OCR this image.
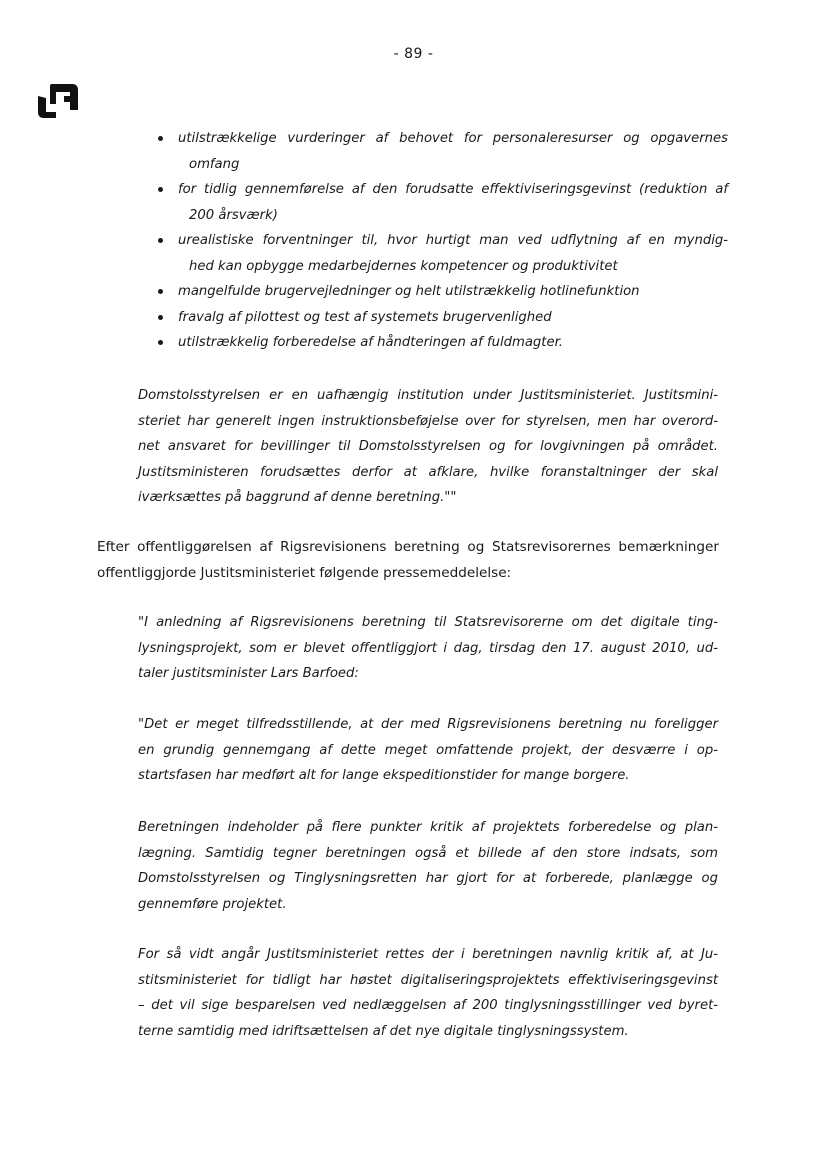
- 89 -
utilstrækkelige vurderinger af behovet for personaleresurser og opgavernes
omfang
for tidlig gennemførelse af den forudsatte effektiviseringsgevinst (reduktion af
200 årsværk)
urealistiske forventninger til, hvor hurtigt man ved udflytning af en myndig-
hed kan opbygge medarbejdernes kompetencer og produktivitet
mangelfulde brugervejledninger og helt utilstrækkelig hotlinefunktion
fravalg af pilottest og test af systemets brugervenlighed
utilstrækkelig forberedelse af håndteringen af fuldmagter.

Domstolsstyrelsen er en uafhængig institution under Justitsministeriet. Justitsmini-
steriet har generelt ingen instruktionsbeføjelse over for styrelsen, men har overord-
net ansvaret for bevillinger til Domstolsstyrelsen og for lovgivningen på området.
Justitsministeren forudsættes derfor at afklare, hvilke foranstaltninger der skal
iværksættes på baggrund af denne beretning.""

Efter offentliggørelsen af Rigsrevisionens beretning og Statsrevisorernes bemærkninger
offentliggjorde Justitsministeriet følgende pressemeddelelse:

"I anledning af Rigsrevisionens beretning til Statsrevisorerne om det digitale ting-
lysningsprojekt, som er blevet offentliggjort i dag, tirsdag den 17. august 2010, ud-
taler justitsminister Lars Barfoed:

"Det er meget tilfredsstillende, at der med Rigsrevisionens beretning nu foreligger
en grundig gennemgang af dette meget omfattende projekt, der desværre i op-
startsfasen har medført alt for lange ekspeditionstider for mange borgere.

Beretningen indeholder på flere punkter kritik af projektets forberedelse og plan-
lægning. Samtidig tegner beretningen også et billede af den store indsats, som
Domstolsstyrelsen og Tinglysningsretten har gjort for at forberede, planlægge og
gennemføre projektet.

For så vidt angår Justitsministeriet rettes der i beretningen navnlig kritik af, at Ju-
stitsministeriet for tidligt har høstet digitaliseringsprojektets effektiviseringsgevinst
– det vil sige besparelsen ved nedlæggelsen af 200 tinglysningsstillinger ved byret-
terne samtidig med idriftsættelsen af det nye digitale tinglysningssystem.
